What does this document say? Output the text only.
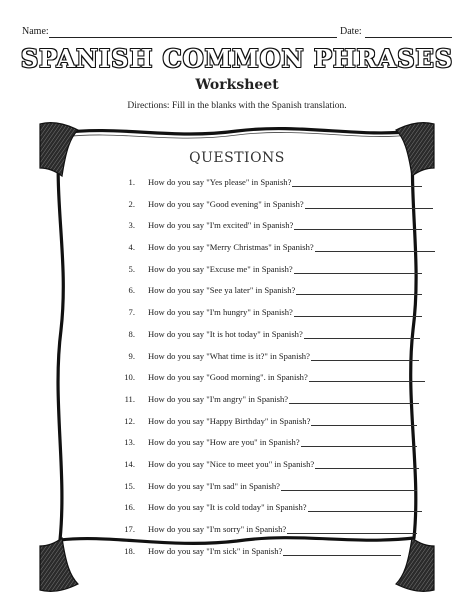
Name:	Date:
SPANISH COMMON PHRASES
Worksheet
Directions: Fill in the blanks with the Spanish translation.
QUESTIONS
1. How do you say "Yes please" in Spanish?
2. How do you say "Good evening" in Spanish?
3. How do you say "I'm excited" in Spanish?
4. How do you say "Merry Christmas" in Spanish?
5. How do you say "Excuse me" in Spanish?
6. How do you say "See ya later" in Spanish?
7. How do you say "I'm hungry" in Spanish?
8. How do you say "It is hot today" in Spanish?
9. How do you say "What time is it?" in Spanish?
10. How do you say "Good morning". in Spanish?
11. How do you say "I'm angry" in Spanish?
12. How do you say "Happy Birthday" in Spanish?
13. How do you say "How are you" in Spanish?
14. How do you say "Nice to meet you" in Spanish?
15. How do you say "I'm sad" in Spanish?
16. How do you say "It is cold today" in Spanish?
17. How do you say "I'm sorry" in Spanish?
18. How do you say "I'm sick" in Spanish?
